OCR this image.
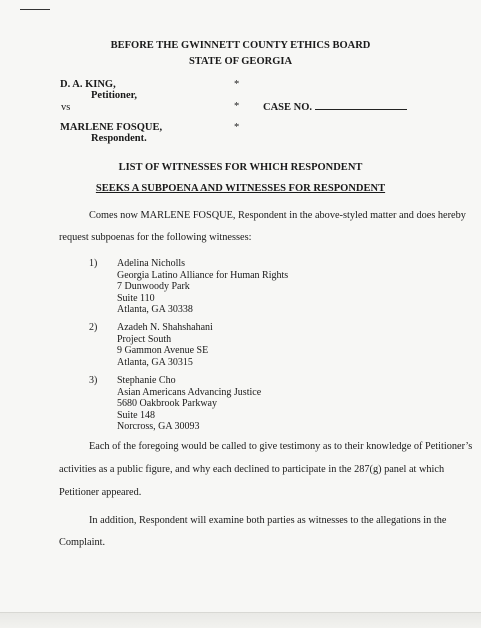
BEFORE THE GWINNETT COUNTY ETHICS BOARD
STATE OF GEORGIA
D. A. KING,
Petitioner,
vs
MARLENE FOSQUE,
Respondent.
*
*
*
CASE NO.
LIST OF WITNESSES FOR WHICH RESPONDENT
SEEKS A SUBPOENA AND WITNESSES FOR RESPONDENT
Comes now MARLENE FOSQUE, Respondent in the above-styled matter and does hereby
request subpoenas for the following witnesses:
1) Adelina Nicholls
Georgia Latino Alliance for Human Rights
7 Dunwoody Park
Suite 110
Atlanta, GA 30338
2) Azadeh N. Shahshahani
Project South
9 Gammon Avenue SE
Atlanta, GA 30315
3) Stephanie Cho
Asian Americans Advancing Justice
5680 Oakbrook Parkway
Suite 148
Norcross, GA 30093
Each of the foregoing would be called to give testimony as to their knowledge of Petitioner’s
activities as a public figure, and why each declined to participate in the 287(g) panel at which
Petitioner appeared.
In addition, Respondent will examine both parties as witnesses to the allegations in the
Complaint.
